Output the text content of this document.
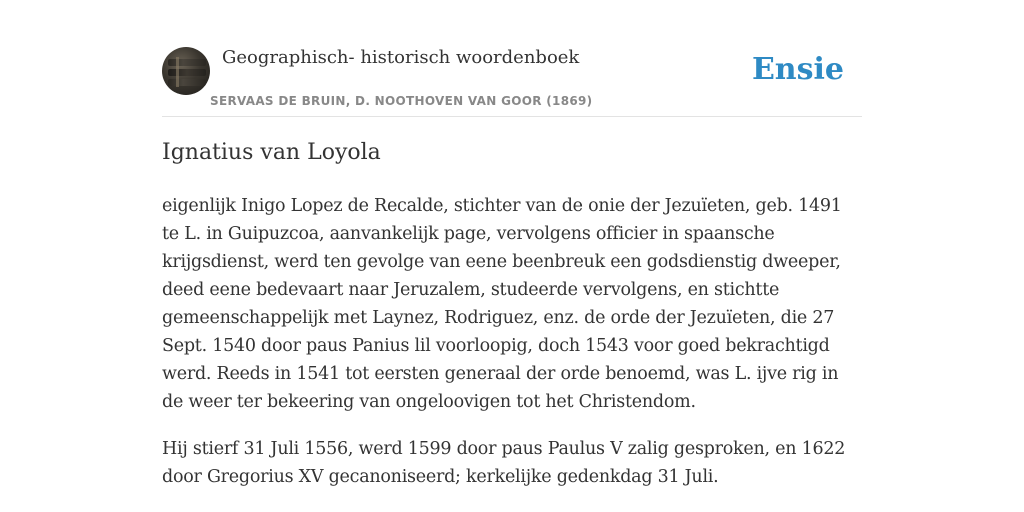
Geographisch- historisch woordenboek
SERVAAS DE BRUIN, D. NOOTHOVEN VAN GOOR (1869)
Ensie
Ignatius van Loyola

eigenlijk Inigo Lopez de Recalde, stichter van de onie der Jezuïeten, geb. 1491 te L. in Guipuzcoa, aanvankelijk page, vervolgens officier in spaansche krijgsdienst, werd ten gevolge van eene beenbreuk een godsdienstig dweeper, deed eene bedevaart naar Jeruzalem, studeerde vervolgens, en stichtte gemeenschappelijk met Laynez, Rodriguez, enz. de orde der Jezuïeten, die 27 Sept. 1540 door paus Panius lil voorloopig, doch 1543 voor goed bekrachtigd werd. Reeds in 1541 tot eersten generaal der orde benoemd, was L. ijve rig in de weer ter bekeering van ongeloovigen tot het Christendom.

Hij stierf 31 Juli 1556, werd 1599 door paus Paulus V zalig gesproken, en 1622 door Gregorius XV gecanoniseerd; kerkelijke gedenkdag 31 Juli.
